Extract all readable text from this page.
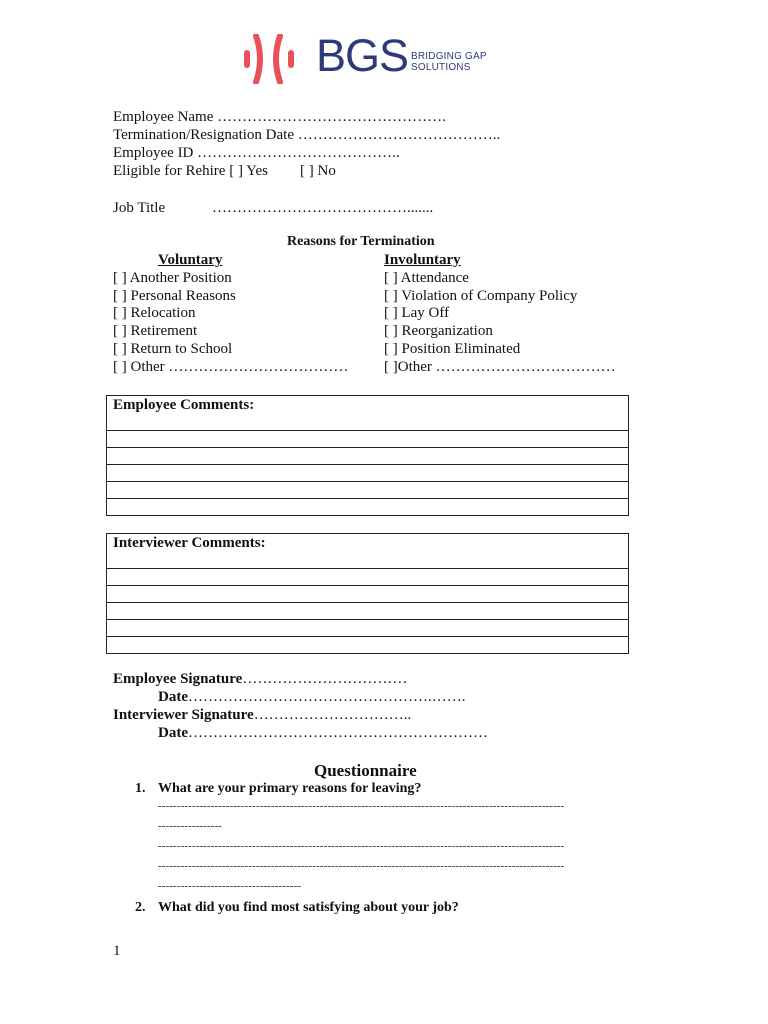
BGS BRIDGING GAP
SOLUTIONS
Employee Name ……………………………………….
Termination/Resignation Date …………………………………..
Employee ID …………………………………..
Eligible for Rehire [ ] Yes [ ] No
Job Title	………………………………….......
Reasons for Termination
Voluntary	Involuntary
[ ] Another Position
[ ] Personal Reasons
[ ] Relocation
[ ] Retirement
[ ] Return to School
[ ] Other ………………………………
[ ] Attendance
[ ] Violation of Company Policy
[ ] Lay Off
[ ] Reorganization
[ ] Position Eliminated
[ ]Other ………………………………
Employee Comments:
Interviewer Comments:
Employee Signature……………………………
Date………………………………………….…….
Interviewer Signature…………………………..
Date……………………………………………………
Questionnaire
1. What are your primary reasons for leaving?
------------------------------------------------------------------------------------------------------------
-----------------
------------------------------------------------------------------------------------------------------------
------------------------------------------------------------------------------------------------------------
--------------------------------------
2. What did you find most satisfying about your job?
1
